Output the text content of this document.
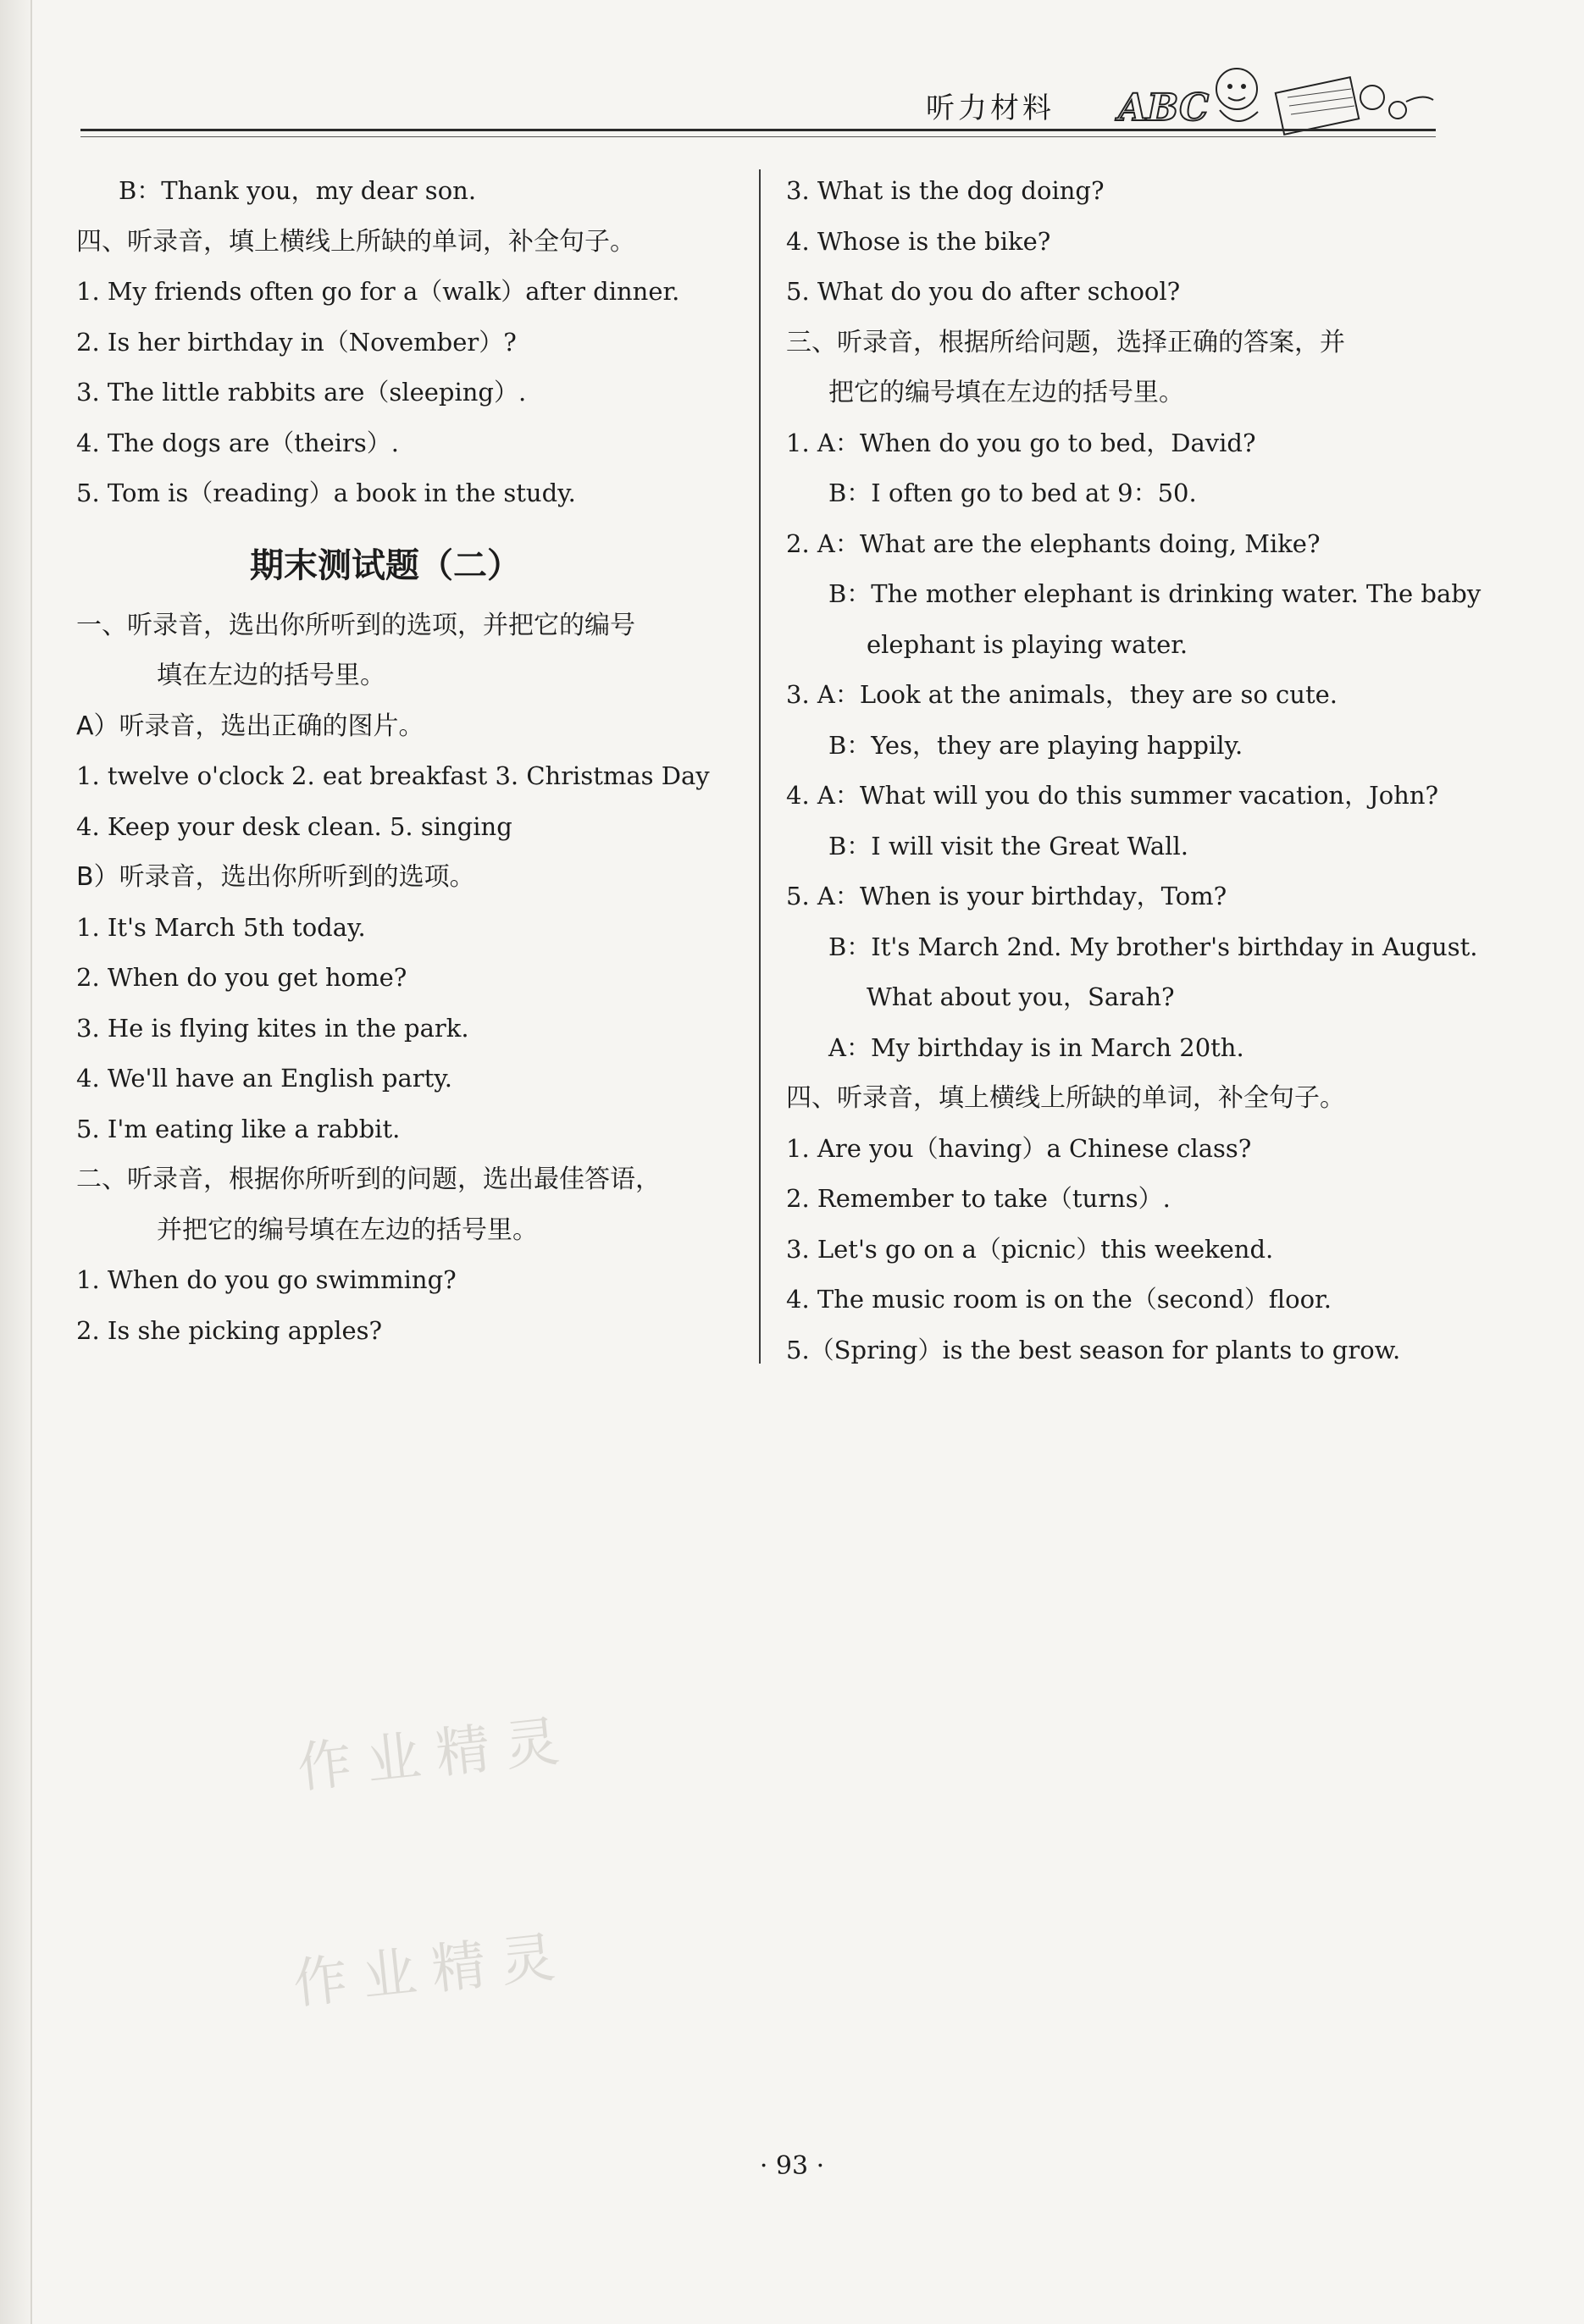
听力材料 ABC
B：Thank you，my dear son.
四、听录音，填上横线上所缺的单词，补全句子。
1. My friends often go for a（walk）after dinner.
2. Is her birthday in（November）?
3. The little rabbits are（sleeping）.
4. The dogs are（theirs）.
5. Tom is（reading）a book in the study.
期末测试题（二）
一、听录音，选出你所听到的选项，并把它的编号
填在左边的括号里。
A）听录音，选出正确的图片。
1. twelve o'clock 2. eat breakfast 3. Christmas Day
4. Keep your desk clean. 5. singing
B）听录音，选出你所听到的选项。
1. It's March 5th today.
2. When do you get home?
3. He is flying kites in the park.
4. We'll have an English party.
5. I'm eating like a rabbit.
二、听录音，根据你所听到的问题，选出最佳答语，
并把它的编号填在左边的括号里。
1. When do you go swimming?
2. Is she picking apples?
3. What is the dog doing?
4. Whose is the bike?
5. What do you do after school?
三、听录音，根据所给问题，选择正确的答案，并
把它的编号填在左边的括号里。
1. A：When do you go to bed，David?
B：I often go to bed at 9：50.
2. A：What are the elephants doing, Mike?
B：The mother elephant is drinking water. The baby
elephant is playing water.
3. A：Look at the animals，they are so cute.
B：Yes，they are playing happily.
4. A：What will you do this summer vacation，John?
B：I will visit the Great Wall.
5. A：When is your birthday，Tom?
B：It's March 2nd. My brother's birthday in August.
What about you，Sarah?
A：My birthday is in March 20th.
四、听录音，填上横线上所缺的单词，补全句子。
1. Are you（having）a Chinese class?
2. Remember to take（turns）.
3. Let's go on a（picnic）this weekend.
4. The music room is on the（second）floor.
5.（Spring）is the best season for plants to grow.
作业精灵
作业精灵
· 93 ·
